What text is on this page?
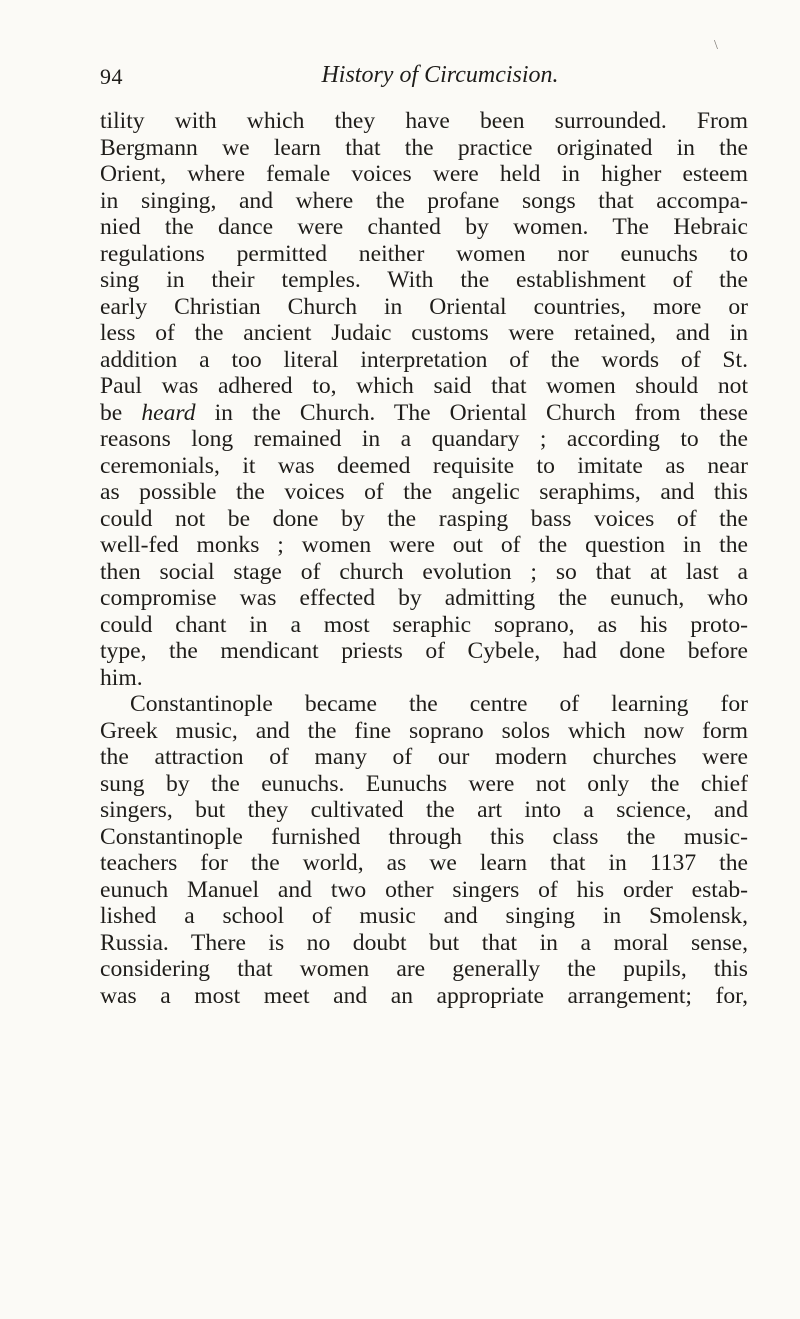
\
94	History of Circumcision.
tility with which they have been surrounded. From
Bergmann we learn that the practice originated in the
Orient, where female voices were held in higher esteem
in singing, and where the profane songs that accompa-
nied the dance were chanted by women. The Hebraic
regulations permitted neither women nor eunuchs to
sing in their temples. With the establishment of the
early Christian Church in Oriental countries, more or
less of the ancient Judaic customs were retained, and in
addition a too literal interpretation of the words of St.
Paul was adhered to, which said that women should not
be heard in the Church. The Oriental Church from these
reasons long remained in a quandary ; according to the
ceremonials, it was deemed requisite to imitate as near
as possible the voices of the angelic seraphims, and this
could not be done by the rasping bass voices of the
well-fed monks ; women were out of the question in the
then social stage of church evolution ; so that at last a
compromise was effected by admitting the eunuch, who
could chant in a most seraphic soprano, as his proto-
type, the mendicant priests of Cybele, had done before
him.
Constantinople became the centre of learning for
Greek music, and the fine soprano solos which now form
the attraction of many of our modern churches were
sung by the eunuchs. Eunuchs were not only the chief
singers, but they cultivated the art into a science, and
Constantinople furnished through this class the music-
teachers for the world, as we learn that in 1137 the
eunuch Manuel and two other singers of his order estab-
lished a school of music and singing in Smolensk,
Russia. There is no doubt but that in a moral sense,
considering that women are generally the pupils, this
was a most meet and an appropriate arrangement; for,
